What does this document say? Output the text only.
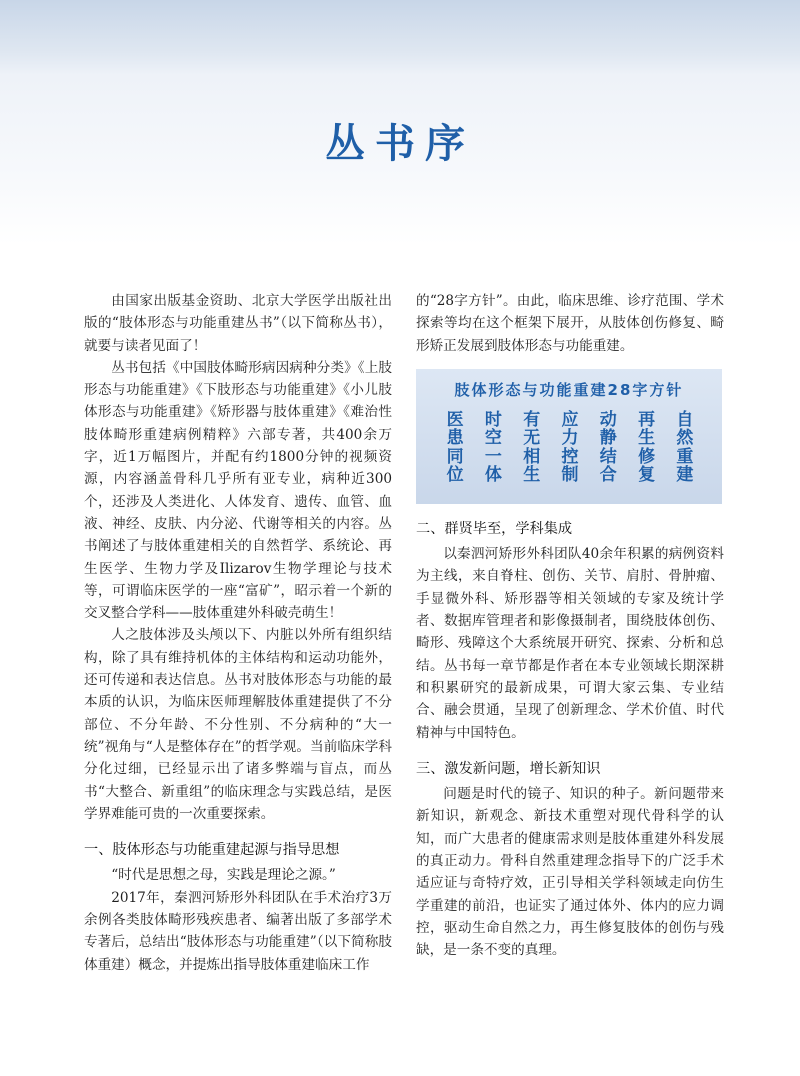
丛书序

由国家出版基金资助、北京大学医学出版社出版的“肢体形态与功能重建丛书”（以下简称丛书），就要与读者见面了！

丛书包括《中国肢体畸形病因病种分类》《上肢形态与功能重建》《下肢形态与功能重建》《小儿肢体形态与功能重建》《矫形器与肢体重建》《难治性肢体畸形重建病例精粹》六部专著，共400余万字，近1万幅图片，并配有约1800分钟的视频资源，内容涵盖骨科几乎所有亚专业，病种近300个，还涉及人类进化、人体发育、遗传、血管、血液、神经、皮肤、内分泌、代谢等相关的内容。丛书阐述了与肢体重建相关的自然哲学、系统论、再生医学、生物力学及Ilizarov生物学理论与技术等，可谓临床医学的一座“富矿”，昭示着一个新的交叉整合学科——肢体重建外科破壳萌生！

人之肢体涉及头颅以下、内脏以外所有组织结构，除了具有维持机体的主体结构和运动功能外，还可传递和表达信息。丛书对肢体形态与功能的最本质的认识，为临床医师理解肢体重建提供了不分部位、不分年龄、不分性别、不分病种的“大一统”视角与“人是整体存在”的哲学观。当前临床学科分化过细，已经显示出了诸多弊端与盲点，而丛书“大整合、新重组”的临床理念与实践总结，是医学界难能可贵的一次重要探索。

一、肢体形态与功能重建起源与指导思想

“时代是思想之母，实践是理论之源。”

2017年，秦泗河矫形外科团队在手术治疗3万余例各类肢体畸形残疾患者、编著出版了多部学术专著后，总结出“肢体形态与功能重建”（以下简称肢体重建）概念，并提炼出指导肢体重建临床工作

的“28字方针”。由此，临床思维、诊疗范围、学术探索等均在这个框架下展开，从肢体创伤修复、畸形矫正发展到肢体形态与功能重建。

肢体形态与功能重建28字方针
医	时	有	应	动	再	自
患	空	无	力	静	生	然
同	一	相	控	结	修	重
位	体	生	制	合	复	建
二、群贤毕至，学科集成

以秦泗河矫形外科团队40余年积累的病例资料为主线，来自脊柱、创伤、关节、肩肘、骨肿瘤、手显微外科、矫形器等相关领域的专家及统计学者、数据库管理者和影像摄制者，围绕肢体创伤、畸形、残障这个大系统展开研究、探索、分析和总结。丛书每一章节都是作者在本专业领域长期深耕和积累研究的最新成果，可谓大家云集、专业结合、融会贯通，呈现了创新理念、学术价值、时代精神与中国特色。

三、激发新问题，增长新知识

问题是时代的镜子、知识的种子。新问题带来新知识，新观念、新技术重塑对现代骨科学的认知，而广大患者的健康需求则是肢体重建外科发展的真正动力。骨科自然重建理念指导下的广泛手术适应证与奇特疗效，正引导相关学科领域走向仿生学重建的前沿，也证实了通过体外、体内的应力调控，驱动生命自然之力，再生修复肢体的创伤与残缺，是一条不变的真理。
